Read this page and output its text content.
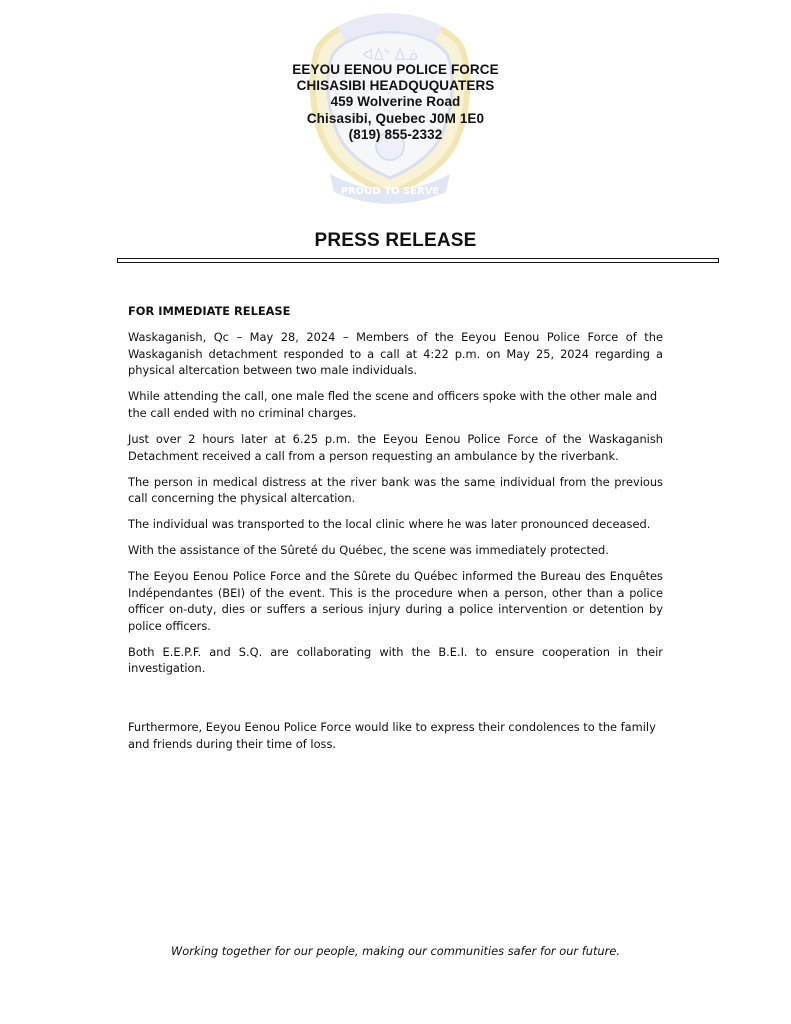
ᐊᐃᔾ ᐃᓅ
PROUD TO SERVE
EEYOU EENOU POLICE FORCE
CHISASIBI HEADQUQUATERS
459 Wolverine Road
Chisasibi, Quebec J0M 1E0
(819) 855-2332
PRESS RELEASE

FOR IMMEDIATE RELEASE

Waskaganish, Qc – May 28, 2024 – Members of the Eeyou Eenou Police Force of the Waskaganish detachment responded to a call at 4:22 p.m. on May 25, 2024 regarding a physical altercation between two male individuals.

While attending the call, one male fled the scene and officers spoke with the other male and the call ended with no criminal charges.

Just over 2 hours later at 6.25 p.m. the Eeyou Eenou Police Force of the Waskaganish Detachment received a call from a person requesting an ambulance by the riverbank.

The person in medical distress at the river bank was the same individual from the previous call concerning the physical altercation.

The individual was transported to the local clinic where he was later pronounced deceased.

With the assistance of the Sûreté du Québec, the scene was immediately protected.

The Eeyou Eenou Police Force and the Sûrete du Québec informed the Bureau des Enquêtes Indépendantes (BEI) of the event. This is the procedure when a person, other than a police officer on-duty, dies or suffers a serious injury during a police intervention or detention by police officers.

Both E.E.P.F. and S.Q. are collaborating with the B.E.I. to ensure cooperation in their investigation.

Furthermore, Eeyou Eenou Police Force would like to express their condolences to the family and friends during their time of loss.

Working together for our people, making our communities safer for our future.
